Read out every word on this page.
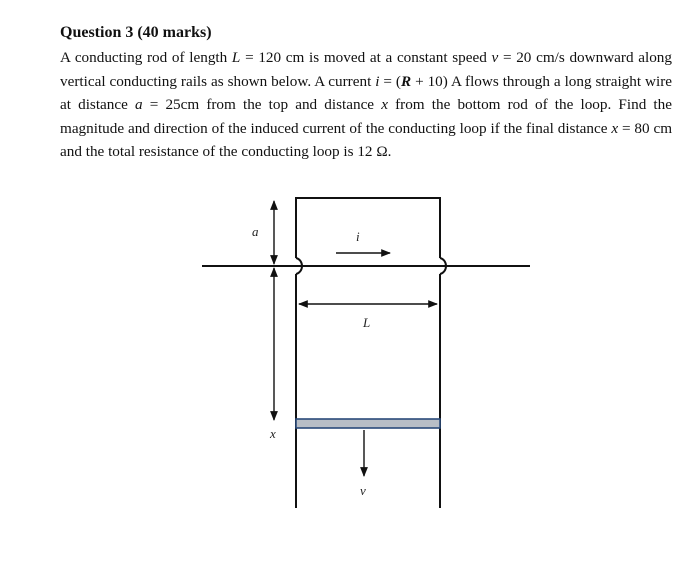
Question 3 (40 marks)

A conducting rod of length L = 120 cm is moved at a constant speed v = 20 cm/s downward along vertical conducting rails as shown below. A current i = (R + 10) A flows through a long straight wire at distance a = 25cm from the top and distance x from the bottom rod of the loop. Find the magnitude and direction of the induced current of the conducting loop if the final distance x = 80 cm and the total resistance of the conducting loop is 12 Ω.

i
a
x
L
v
